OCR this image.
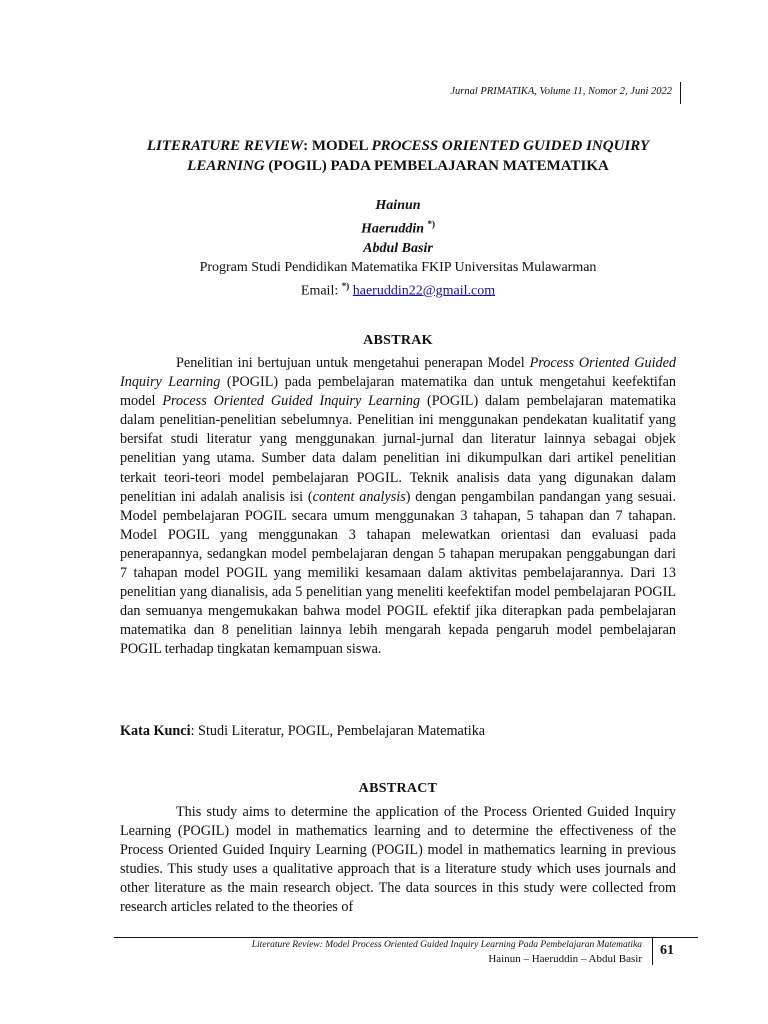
Jurnal PRIMATIKA, Volume 11, Nomor 2, Juni 2022

LITERATURE REVIEW: MODEL PROCESS ORIENTED GUIDED INQUIRY LEARNING (POGIL) PADA PEMBELAJARAN MATEMATIKA

Hainun
Haeruddin *)
Abdul Basir
Program Studi Pendidikan Matematika FKIP Universitas Mulawarman
Email: *) haeruddin22@gmail.com
ABSTRAK

Penelitian ini bertujuan untuk mengetahui penerapan Model Process Oriented Guided Inquiry Learning (POGIL) pada pembelajaran matematika dan untuk mengetahui keefektifan model Process Oriented Guided Inquiry Learning (POGIL) dalam pembelajaran matematika dalam penelitian-penelitian sebelumnya. Penelitian ini menggunakan pendekatan kualitatif yang bersifat studi literatur yang menggunakan jurnal-jurnal dan literatur lainnya sebagai objek penelitian yang utama. Sumber data dalam penelitian ini dikumpulkan dari artikel penelitian terkait teori-teori model pembelajaran POGIL. Teknik analisis data yang digunakan dalam penelitian ini adalah analisis isi (content analysis) dengan pengambilan pandangan yang sesuai. Model pembelajaran POGIL secara umum menggunakan 3 tahapan, 5 tahapan dan 7 tahapan. Model POGIL yang menggunakan 3 tahapan melewatkan orientasi dan evaluasi pada penerapannya, sedangkan model pembelajaran dengan 5 tahapan merupakan penggabungan dari 7 tahapan model POGIL yang memiliki kesamaan dalam aktivitas pembelajarannya. Dari 13 penelitian yang dianalisis, ada 5 penelitian yang meneliti keefektifan model pembelajaran POGIL dan semuanya mengemukakan bahwa model POGIL efektif jika diterapkan pada pembelajaran matematika dan 8 penelitian lainnya lebih mengarah kepada pengaruh model pembelajaran POGIL terhadap tingkatan kemampuan siswa.

Kata Kunci: Studi Literatur, POGIL, Pembelajaran Matematika
ABSTRACT

This study aims to determine the application of the Process Oriented Guided Inquiry Learning (POGIL) model in mathematics learning and to determine the effectiveness of the Process Oriented Guided Inquiry Learning (POGIL) model in mathematics learning in previous studies. This study uses a qualitative approach that is a literature study which uses journals and other literature as the main research object. The data sources in this study were collected from research articles related to the theories of

Literature Review: Model Process Oriented Guided Inquiry Learning Pada Pembelajaran Matematika
Hainun – Haeruddin – Abdul Basir
61
